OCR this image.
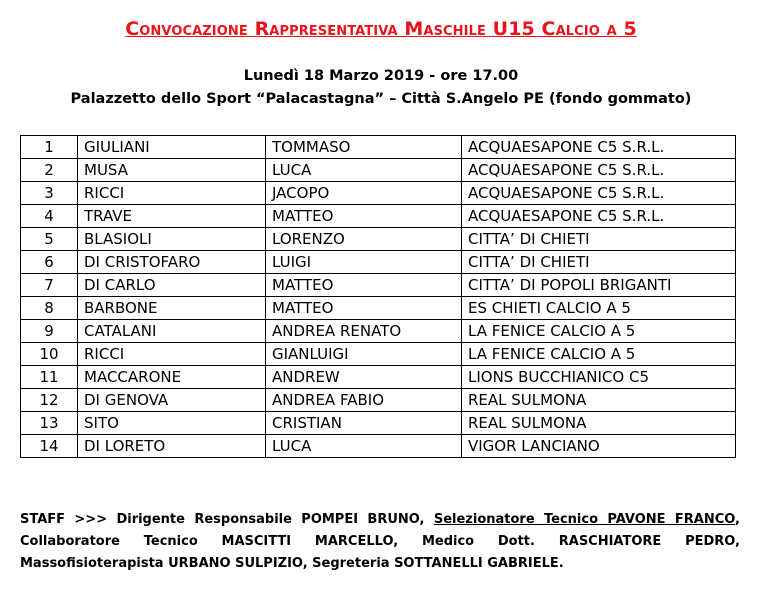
Convocazione Rappresentativa Maschile U15 Calcio a 5
Lunedì 18 Marzo 2019 - ore 17.00
Palazzetto dello Sport “Palacastagna” – Città S.Angelo PE (fondo gommato)
1	GIULIANI	TOMMASO	ACQUAESAPONE C5 S.R.L.
2	MUSA	LUCA	ACQUAESAPONE C5 S.R.L.
3	RICCI	JACOPO	ACQUAESAPONE C5 S.R.L.
4	TRAVE	MATTEO	ACQUAESAPONE C5 S.R.L.
5	BLASIOLI	LORENZO	CITTA’ DI CHIETI
6	DI CRISTOFARO	LUIGI	CITTA’ DI CHIETI
7	DI CARLO	MATTEO	CITTA’ DI POPOLI BRIGANTI
8	BARBONE	MATTEO	ES CHIETI CALCIO A 5
9	CATALANI	ANDREA RENATO	LA FENICE CALCIO A 5
10	RICCI	GIANLUIGI	LA FENICE CALCIO A 5
11	MACCARONE	ANDREW	LIONS BUCCHIANICO C5
12	DI GENOVA	ANDREA FABIO	REAL SULMONA
13	SITO	CRISTIAN	REAL SULMONA
14	DI LORETO	LUCA	VIGOR LANCIANO
STAFF >>> Dirigente Responsabile POMPEI BRUNO, Selezionatore Tecnico PAVONE FRANCO, Collaboratore Tecnico MASCITTI MARCELLO, Medico Dott. RASCHIATORE PEDRO, Massofisioterapista URBANO SULPIZIO, Segreteria SOTTANELLI GABRIELE.
